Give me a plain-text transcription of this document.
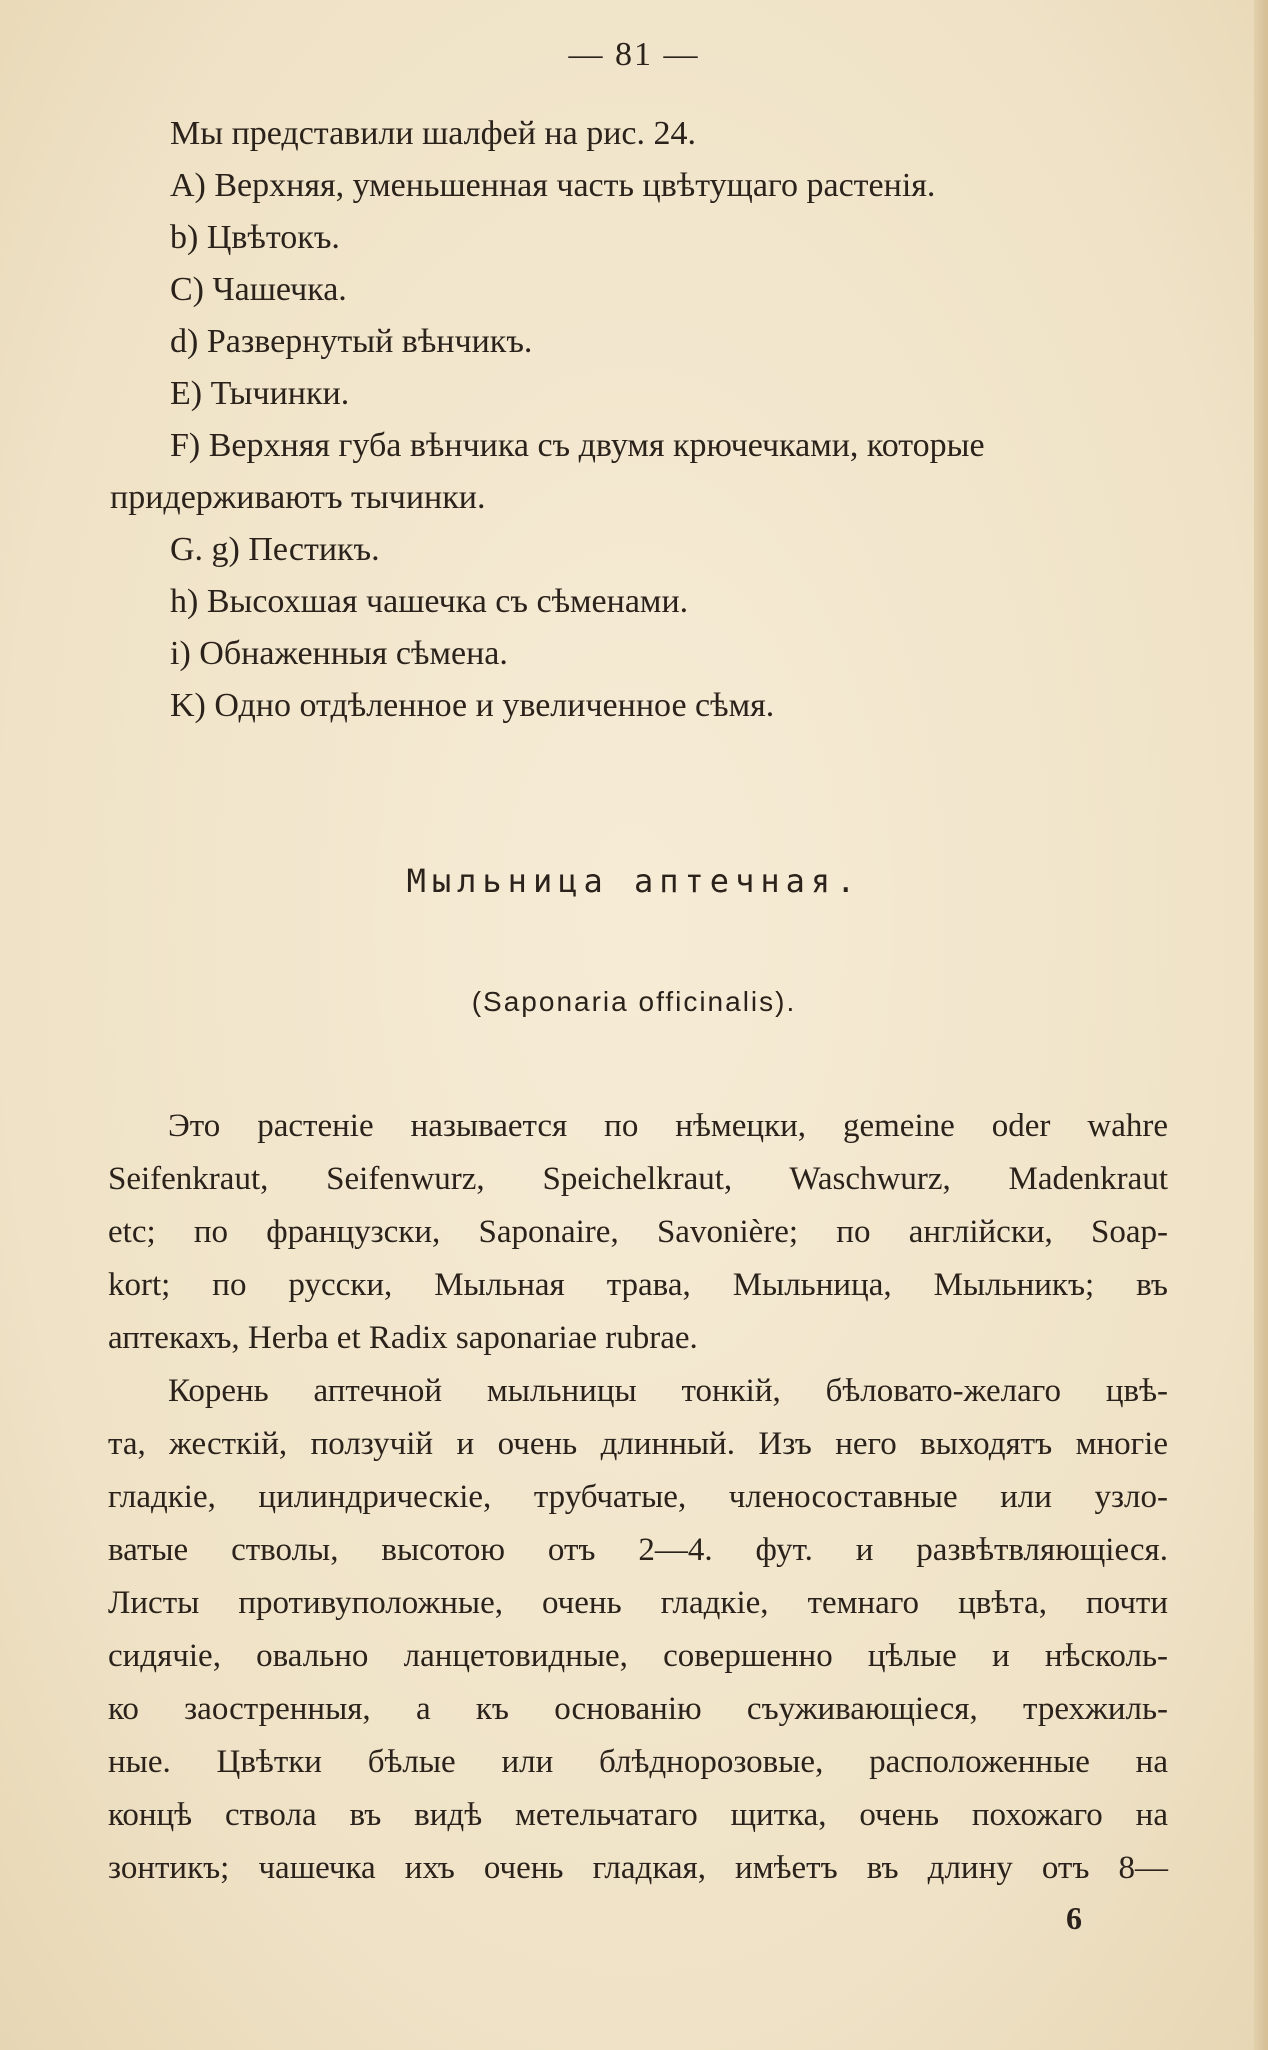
— 81 —
Мы представили шалфей на рис. 24.
A) Верхняя, уменьшенная часть цвѣтущаго растенія.
b) Цвѣтокъ.
C) Чашечка.
d) Развернутый вѣнчикъ.
E) Тычинки.
F) Верхняя губа вѣнчика съ двумя крючечками, которые
придерживаютъ тычинки.
G. g) Пестикъ.
h) Высохшая чашечка съ сѣменами.
i) Обнаженныя сѣмена.
K) Одно отдѣленное и увеличенное сѣмя.
Мыльница аптечная.
(Saponaria officinalis).
Это растеніе называется по нѣмецки, gemeine oder wahre
Seifenkraut, Seifenwurz, Speichelkraut, Waschwurz, Madenkraut
etc; по французски, Saponaire, Savonière; по англійски, Soap-
kort; по русски, Мыльная трава, Мыльница, Мыльникъ; въ
аптекахъ, Herba et Radix saponariae rubrae.
Корень аптечной мыльницы тонкій, бѣловато-желаго цвѣ-
та, жесткій, ползучій и очень длинный. Изъ него выходятъ многіе
гладкіе, цилиндрическіе, трубчатые, членосоставные или узло-
ватые стволы, высотою отъ 2—4. фут. и развѣтвляющіеся.
Листы противуположные, очень гладкіе, темнаго цвѣта, почти
сидячіе, овально ланцетовидные, совершенно цѣлые и нѣсколь-
ко заостренныя, а къ основанію съуживающіеся, трехжиль-
ные. Цвѣтки бѣлые или блѣднорозовые, расположенные на
концѣ ствола въ видѣ метельчатаго щитка, очень похожаго на
зонтикъ; чашечка ихъ очень гладкая, имѣетъ въ длину отъ 8—
6
